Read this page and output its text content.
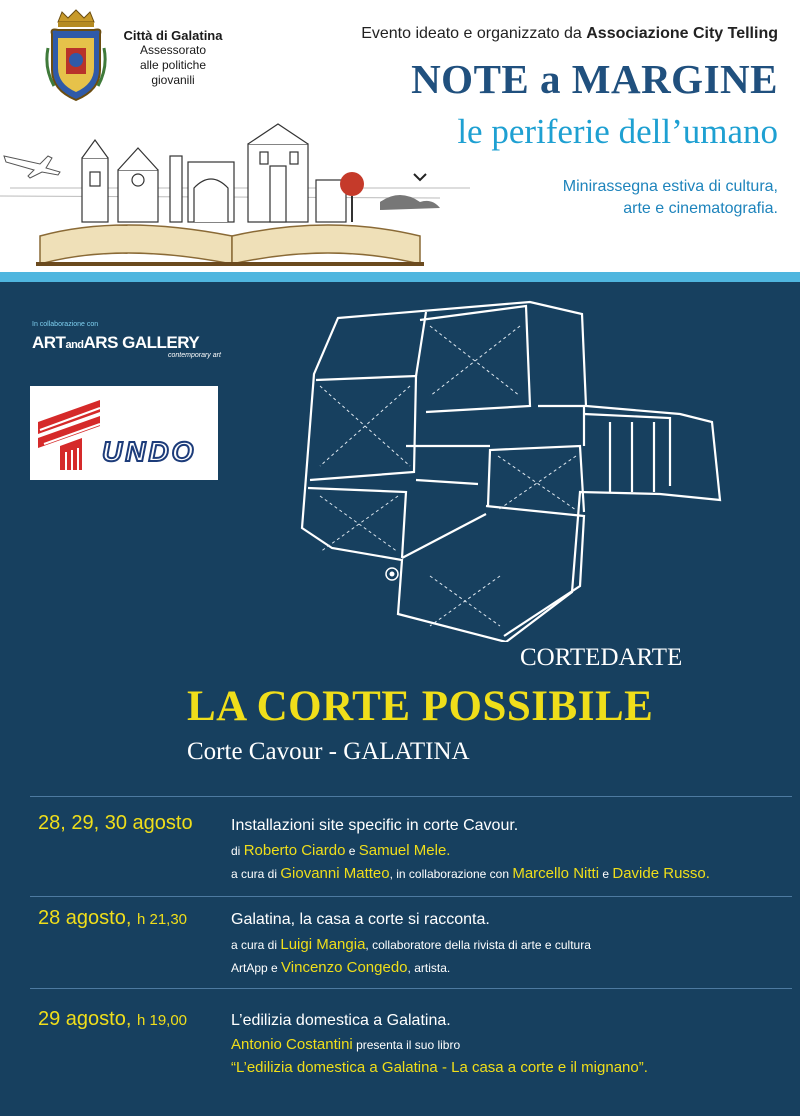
Città di Galatina
Assessorato
alle politiche
giovanili
Evento ideato e organizzato da Associazione City Telling
NOTE a MARGINE
le periferie dell’umano
Minirassegna estiva di cultura,
arte e cinematografia.
In collaborazione con
ARTandARS GALLERY
contemporary art
UNDO
CORTEDARTE
LA CORTE POSSIBILE
Corte Cavour - GALATINA
28, 29, 30 agosto Installazioni site specific in corte Cavour.
di Roberto Ciardo e Samuel Mele.
a cura di Giovanni Matteo, in collaborazione con Marcello Nitti e Davide Russo.
28 agosto, h 21,30	Galatina, la casa a corte si racconta.
a cura di Luigi Mangia, collaboratore della rivista di arte e cultura
ArtApp e Vincenzo Congedo, artista.
29 agosto, h 19,00	L’edilizia domestica a Galatina.
Antonio Costantini presenta il suo libro
“L’edilizia domestica a Galatina - La casa a corte e il mignano”.
